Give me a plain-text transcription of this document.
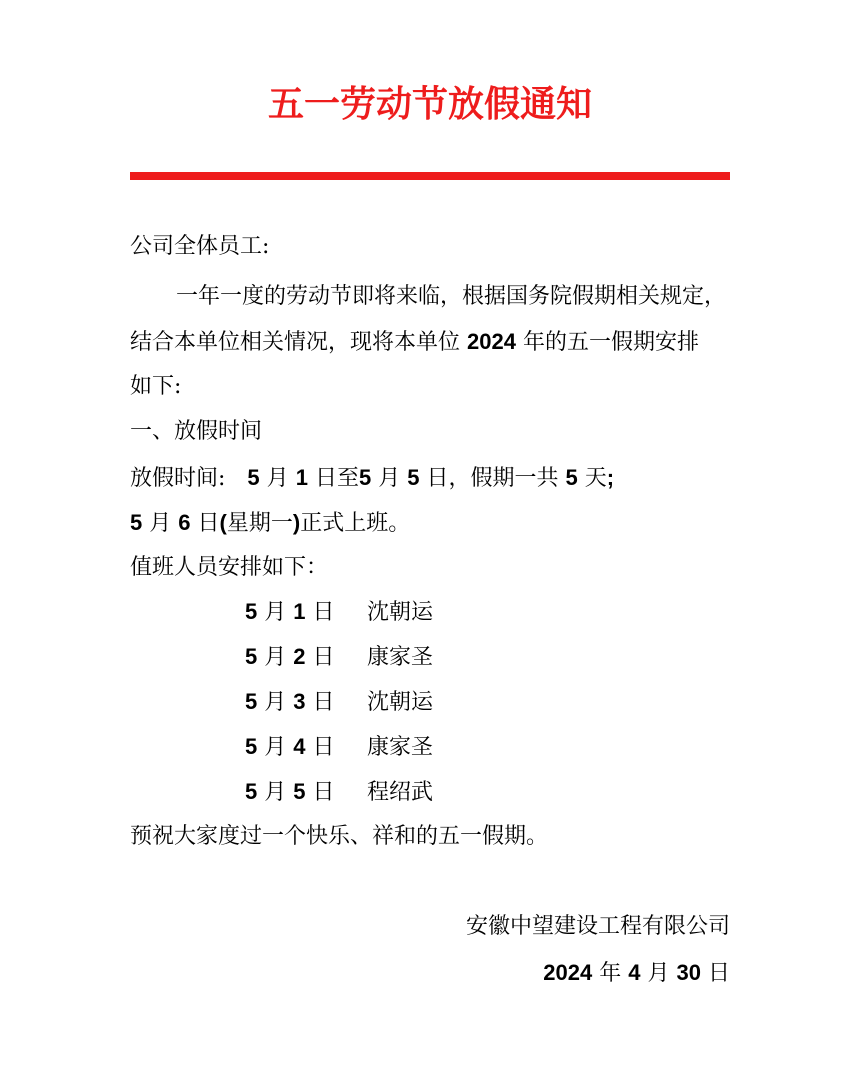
五一劳动节放假通知
公司全体员工:
一年一度的劳动节即将来临，根据国务院假期相关规定，
结合本单位相关情况，现将本单位 2024 年的五一假期安排
如下:
一、放假时间
放假时间: 5 月 1 日至5 月 5 日，假期一共 5 天;
5 月 6 日(星期一)正式上班。
值班人员安排如下：
5 月 1 日 沈朝运
5 月 2 日 康家圣
5 月 3 日 沈朝运
5 月 4 日 康家圣
5 月 5 日 程绍武
预祝大家度过一个快乐、祥和的五一假期。
安徽中望建设工程有限公司
2024 年 4 月 30 日
